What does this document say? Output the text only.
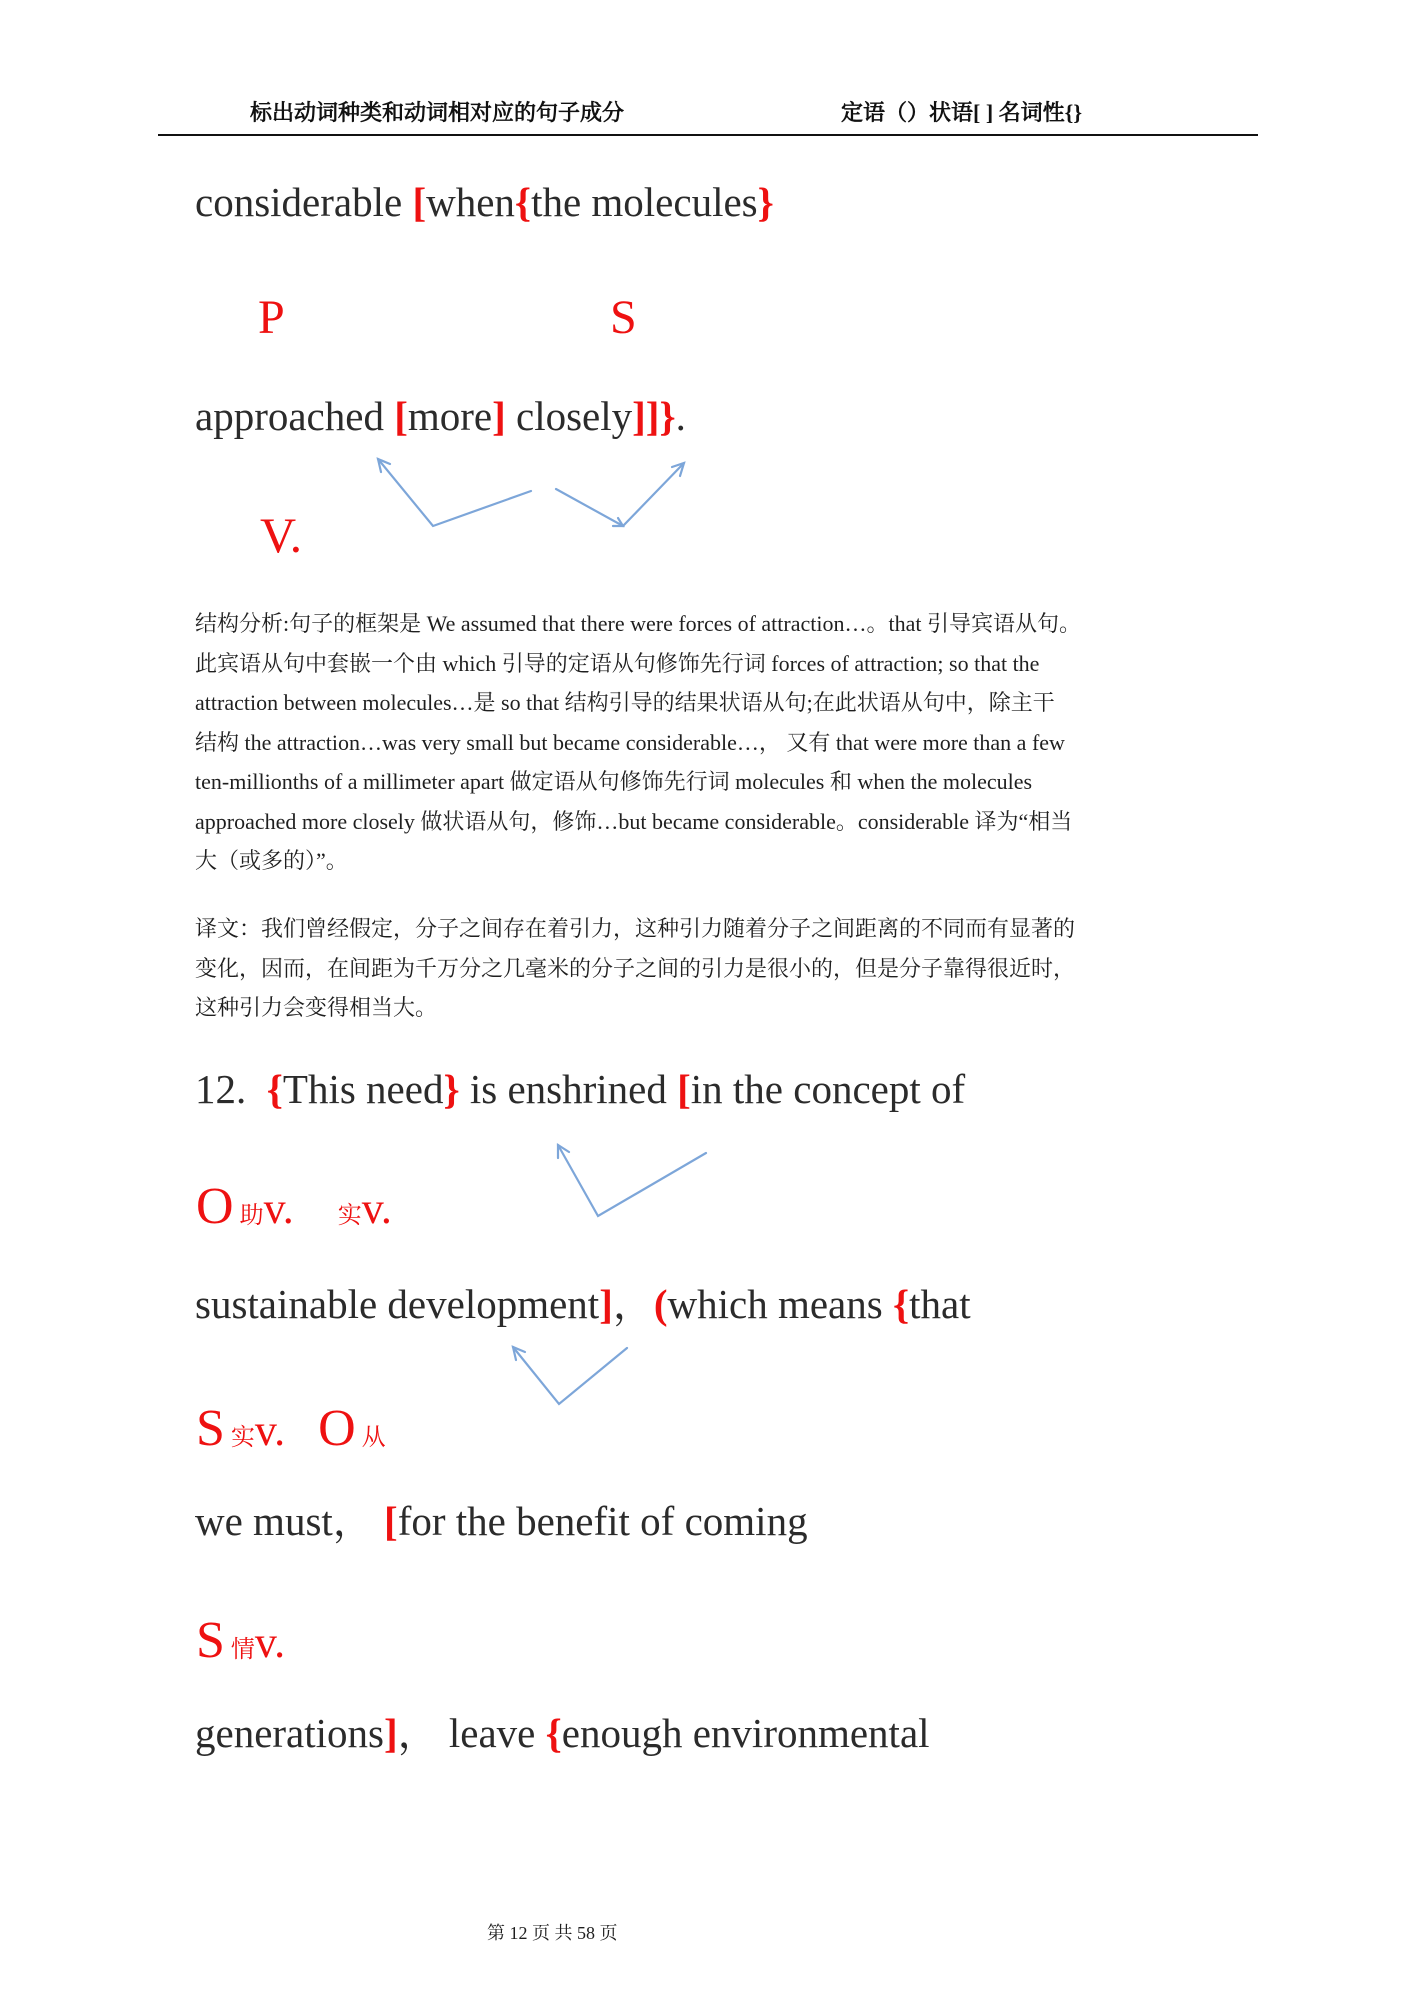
标出动词种类和动词相对应的句子成分	定语（）状语[ ] 名词性{}
considerable [when{the molecules}
P	S
approached [more] closely]]}.
V.
结构分析:句子的框架是 We assumed that there were forces of attraction…。that 引导宾语从句。
此宾语从句中套嵌一个由 which 引导的定语从句修饰先行词 forces of attraction; so that the
attraction between molecules…是 so that 结构引导的结果状语从句;在此状语从句中，除主干
结构 the attraction…was very small but became considerable…， 又有 that were more than a few
ten-millionths of a millimeter apart 做定语从句修饰先行词 molecules 和 when the molecules
approached more closely 做状语从句，修饰…but became considerable。considerable 译为“相当
大（或多的）”。
译文：我们曾经假定，分子之间存在着引力，这种引力随着分子之间距离的不同而有显著的
变化，因而，在间距为千万分之几毫米的分子之间的引力是很小的，但是分子靠得很近时，
这种引力会变得相当大。
12.  {This need} is enshrined [in the concept of
O 助v. 实v.
sustainable development]，(which means {that
S 实v. O 从
we must， [for the benefit of coming
S 情v.
generations]， leave {enough environmental
第 12 页 共 58 页
